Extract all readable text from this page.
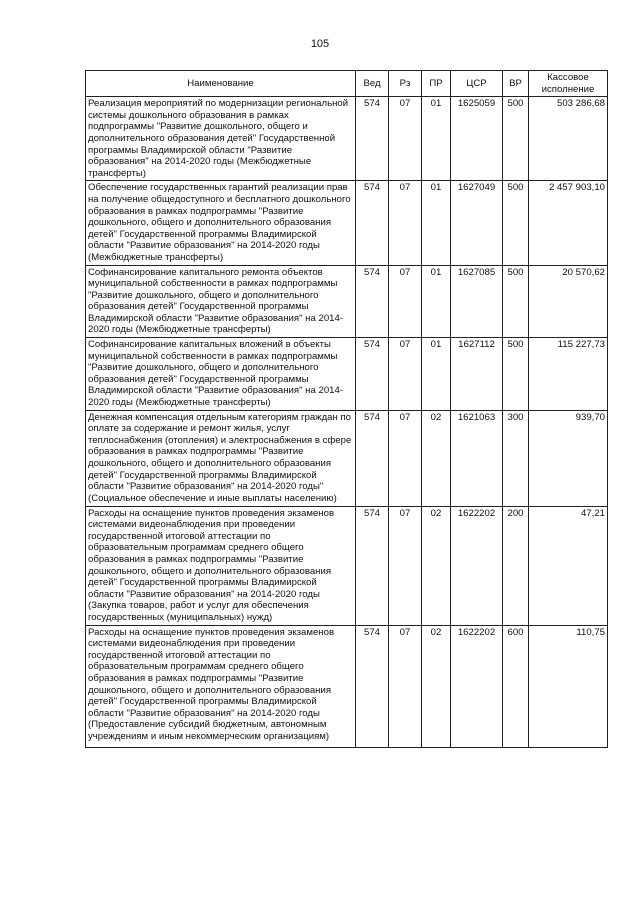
105
Наименование	Вед	Рз	ПР	ЦСР	ВР	Кассовое исполнение
Реализация мероприятий по модернизации региональной системы дошкольного образования в рамках подпрограммы "Развитие дошкольного, общего и дополнительного образования детей" Государственной программы Владимирской области "Развитие образования" на 2014-2020 годы (Межбюджетные трансферты)	574	07	01	1625059	500	503 286,68
Обеспечение государственных гарантий реализации прав на получение общедоступного и бесплатного дошкольного образования в рамках подпрограммы "Развитие дошкольного, общего и дополнительного образования детей" Государственной программы Владимирской области "Развитие образования" на 2014-2020 годы (Межбюджетные трансферты)	574	07	01	1627049	500	2 457 903,10
Софинансирование капитального ремонта объектов муниципальной собственности в рамках подпрограммы "Развитие дошкольного, общего и дополнительного образования детей" Государственной программы Владимирской области "Развитие образования" на 2014-2020 годы (Межбюджетные трансферты)	574	07	01	1627085	500	20 570,62
Софинансирование капитальных вложений в объекты муниципальной собственности в рамках подпрограммы "Развитие дошкольного, общего и дополнительного образования детей" Государственной программы Владимирской области "Развитие образования" на 2014-2020 годы (Межбюджетные трансферты)	574	07	01	1627112	500	115 227,73
Денежная компенсация отдельным категориям граждан по оплате за содержание и ремонт жилья, услуг теплоснабжения (отопления) и электроснабжения в сфере образования в рамках подпрограммы "Развитие дошкольного, общего и дополнительного образования детей" Государственной программы Владимирской области "Развитие образования" на 2014-2020 годы" (Социальное обеспечение и иные выплаты населению)	574	07	02	1621063	300	939,70
Расходы на оснащение пунктов проведения экзаменов системами видеонаблюдения при проведении государственной итоговой аттестации по образовательным программам среднего общего образования в рамках подпрограммы "Развитие дошкольного, общего и дополнительного образования детей" Государственной программы Владимирской области "Развитие образования" на 2014-2020 годы (Закупка товаров, работ и услуг для обеспечения государственных (муниципальных) нужд)	574	07	02	1622202	200	47,21
Расходы на оснащение пунктов проведения экзаменов системами видеонаблюдения при проведении государственной итоговой аттестации по образовательным программам среднего общего образования в рамках подпрограммы "Развитие дошкольного, общего и дополнительного образования детей" Государственной программы Владимирской области "Развитие образования" на 2014-2020 годы (Предоставление субсидий бюджетным, автономным учреждениям и иным некоммерческим организациям)	574	07	02	1622202	600	110,75
